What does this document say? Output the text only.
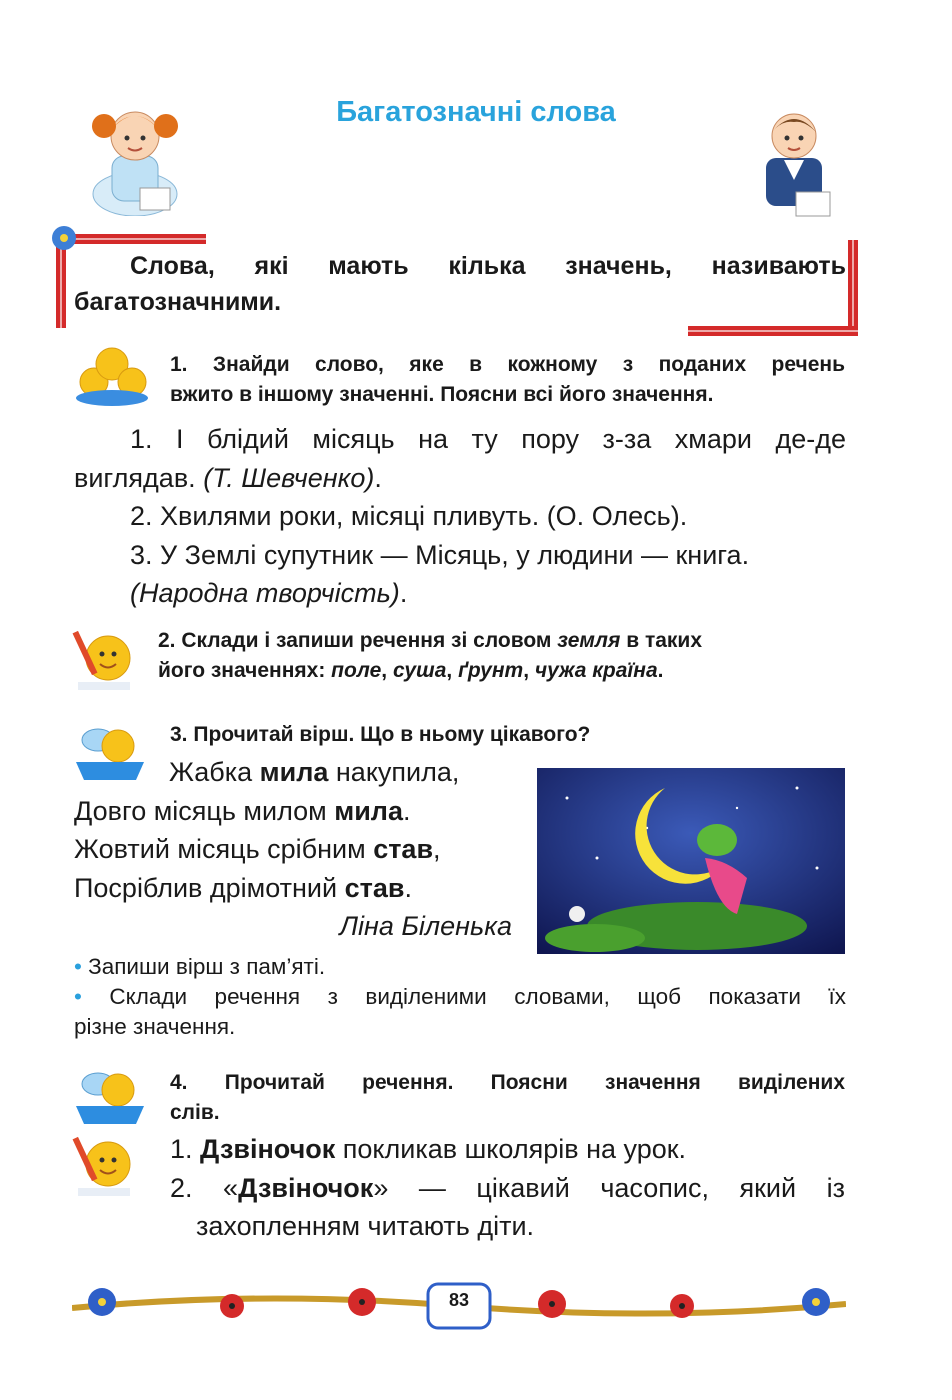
Багатозначні слова
Слова, які мають кілька значень, називають
багатозначними.
1. Знайди слово, яке в кожному з поданих речень
вжито в іншому значенні. Поясни всі його значення.
1. І блідий місяць на ту пору з-за хмари де-де
виглядав. (Т. Шевченко).
2. Хвилями роки, місяці пливуть. (О. Олесь).
3. У Землі супутник — Місяць, у людини — книга.
(Народна творчість).
2. Склади і запиши речення зі словом земля в таких
його значеннях: поле, суша, ґрунт, чужа країна.
3. Прочитай вірш. Що в ньому цікавого?
Жабка мила накупила,
Довго місяць милом мила.
Жовтий місяць срібним став,
Посріблив дрімотний став.
Ліна Біленька
• Запиши вірш з пам’яті.
• Склади речення з виділеними словами, щоб показати їх
різне значення.
4. Прочитай речення. Поясни значення виділених
слів.
1. Дзвіночок покликав школярів на урок.
2. «Дзвіночок» — цікавий часопис, який із
захопленням читають діти.
83
